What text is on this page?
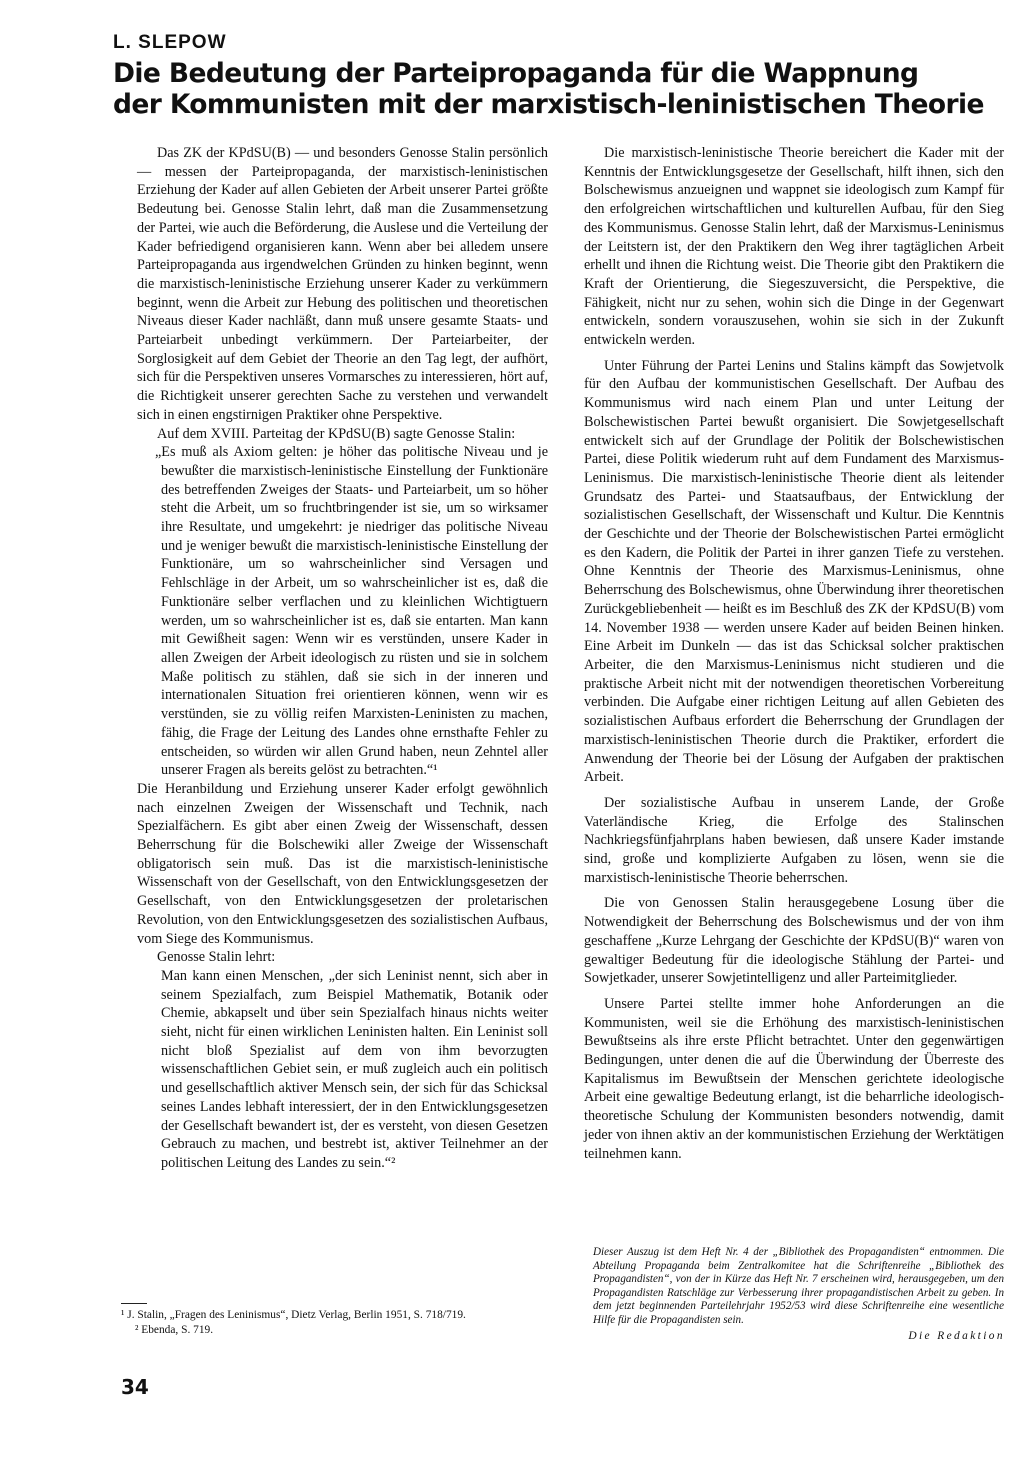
L. SLEPOW
Die Bedeutung der Parteipropaganda für die Wappnung
der Kommunisten mit der marxistisch-leninistischen Theorie

Das ZK der KPdSU(B) — und besonders Genosse Stalin persönlich — messen der Parteipropaganda, der marxistisch-leninistischen Erziehung der Kader auf allen Gebieten der Arbeit unserer Partei größte Bedeutung bei. Genosse Stalin lehrt, daß man die Zusammensetzung der Partei, wie auch die Beförderung, die Auslese und die Verteilung der Kader befriedigend organisieren kann. Wenn aber bei alledem unsere Parteipropaganda aus irgendwelchen Gründen zu hinken beginnt, wenn die marxistisch-leninistische Erziehung unserer Kader zu verkümmern beginnt, wenn die Arbeit zur Hebung des politischen und theoretischen Niveaus dieser Kader nachläßt, dann muß unsere gesamte Staats- und Parteiarbeit unbedingt verkümmern. Der Parteiarbeiter, der Sorglosigkeit auf dem Gebiet der Theorie an den Tag legt, der aufhört, sich für die Perspektiven unseres Vormarsches zu interessieren, hört auf, die Richtigkeit unserer gerechten Sache zu verstehen und verwandelt sich in einen engstirnigen Praktiker ohne Perspektive.

Auf dem XVIII. Parteitag der KPdSU(B) sagte Genosse Stalin:

„Es muß als Axiom gelten: je höher das politische Niveau und je bewußter die marxistisch-leninistische Einstellung der Funktionäre des betreffenden Zweiges der Staats- und Parteiarbeit, um so höher steht die Arbeit, um so fruchtbringender ist sie, um so wirksamer ihre Resultate, und umgekehrt: je niedriger das politische Niveau und je weniger bewußt die marxistisch-leninistische Einstellung der Funktionäre, um so wahrscheinlicher sind Versagen und Fehlschläge in der Arbeit, um so wahrscheinlicher ist es, daß die Funktionäre selber verflachen und zu kleinlichen Wichtigtuern werden, um so wahrscheinlicher ist es, daß sie entarten. Man kann mit Gewißheit sagen: Wenn wir es verstünden, unsere Kader in allen Zweigen der Arbeit ideologisch zu rüsten und sie in solchem Maße politisch zu stählen, daß sie sich in der inneren und internationalen Situation frei orientieren können, wenn wir es verstünden, sie zu völlig reifen Marxisten-Leninisten zu machen, fähig, die Frage der Leitung des Landes ohne ernsthafte Fehler zu entscheiden, so würden wir allen Grund haben, neun Zehntel aller unserer Fragen als bereits gelöst zu betrachten.“¹

Die Heranbildung und Erziehung unserer Kader erfolgt gewöhnlich nach einzelnen Zweigen der Wissenschaft und Technik, nach Spezialfächern. Es gibt aber einen Zweig der Wissenschaft, dessen Beherrschung für die Bolschewiki aller Zweige der Wissenschaft obligatorisch sein muß. Das ist die marxistisch-leninistische Wissenschaft von der Gesellschaft, von den Entwicklungsgesetzen der Gesellschaft, von den Entwicklungsgesetzen der proletarischen Revolution, von den Entwicklungsgesetzen des sozialistischen Aufbaus, vom Siege des Kommunismus.

Genosse Stalin lehrt:

Man kann einen Menschen, „der sich Leninist nennt, sich aber in seinem Spezialfach, zum Beispiel Mathematik, Botanik oder Chemie, abkapselt und über sein Spezialfach hinaus nichts weiter sieht, nicht für einen wirklichen Leninisten halten. Ein Leninist soll nicht bloß Spezialist auf dem von ihm bevorzugten wissenschaftlichen Gebiet sein, er muß zugleich auch ein politisch und gesellschaftlich aktiver Mensch sein, der sich für das Schicksal seines Landes lebhaft interessiert, der in den Entwicklungsgesetzen der Gesellschaft bewandert ist, der es versteht, von diesen Gesetzen Gebrauch zu machen, und bestrebt ist, aktiver Teilnehmer an der politischen Leitung des Landes zu sein.“²

¹ J. Stalin, „Fragen des Leninismus“, Dietz Verlag, Berlin 1951, S. 718/719.

² Ebenda, S. 719.

Die marxistisch-leninistische Theorie bereichert die Kader mit der Kenntnis der Entwicklungsgesetze der Gesellschaft, hilft ihnen, sich den Bolschewismus anzueignen und wappnet sie ideologisch zum Kampf für den erfolgreichen wirtschaftlichen und kulturellen Aufbau, für den Sieg des Kommunismus. Genosse Stalin lehrt, daß der Marxismus-Leninismus der Leitstern ist, der den Praktikern den Weg ihrer tagtäglichen Arbeit erhellt und ihnen die Richtung weist. Die Theorie gibt den Praktikern die Kraft der Orientierung, die Siegeszuversicht, die Perspektive, die Fähigkeit, nicht nur zu sehen, wohin sich die Dinge in der Gegenwart entwickeln, sondern vorauszusehen, wohin sie sich in der Zukunft entwickeln werden.

Unter Führung der Partei Lenins und Stalins kämpft das Sowjetvolk für den Aufbau der kommunistischen Gesellschaft. Der Aufbau des Kommunismus wird nach einem Plan und unter Leitung der Bolschewistischen Partei bewußt organisiert. Die Sowjetgesellschaft entwickelt sich auf der Grundlage der Politik der Bolschewistischen Partei, diese Politik wiederum ruht auf dem Fundament des Marxismus-Leninismus. Die marxistisch-leninistische Theorie dient als leitender Grundsatz des Partei- und Staatsaufbaus, der Entwicklung der sozialistischen Gesellschaft, der Wissenschaft und Kultur. Die Kenntnis der Geschichte und der Theorie der Bolschewistischen Partei ermöglicht es den Kadern, die Politik der Partei in ihrer ganzen Tiefe zu verstehen. Ohne Kenntnis der Theorie des Marxismus-Leninismus, ohne Beherrschung des Bolschewismus, ohne Überwindung ihrer theoretischen Zurückgebliebenheit — heißt es im Beschluß des ZK der KPdSU(B) vom 14. November 1938 — werden unsere Kader auf beiden Beinen hinken. Eine Arbeit im Dunkeln — das ist das Schicksal solcher praktischen Arbeiter, die den Marxismus-Leninismus nicht studieren und die praktische Arbeit nicht mit der notwendigen theoretischen Vorbereitung verbinden. Die Aufgabe einer richtigen Leitung auf allen Gebieten des sozialistischen Aufbaus erfordert die Beherrschung der Grundlagen der marxistisch-leninistischen Theorie durch die Praktiker, erfordert die Anwendung der Theorie bei der Lösung der Aufgaben der praktischen Arbeit.

Der sozialistische Aufbau in unserem Lande, der Große Vaterländische Krieg, die Erfolge des Stalinschen Nachkriegsfünfjahrplans haben bewiesen, daß unsere Kader imstande sind, große und komplizierte Aufgaben zu lösen, wenn sie die marxistisch-leninistische Theorie beherrschen.

Die von Genossen Stalin herausgegebene Losung über die Notwendigkeit der Beherrschung des Bolschewismus und der von ihm geschaffene „Kurze Lehrgang der Geschichte der KPdSU(B)“ waren von gewaltiger Bedeutung für die ideologische Stählung der Partei- und Sowjetkader, unserer Sowjetintelligenz und aller Parteimitglieder.

Unsere Partei stellte immer hohe Anforderungen an die Kommunisten, weil sie die Erhöhung des marxistisch-leninistischen Bewußtseins als ihre erste Pflicht betrachtet. Unter den gegenwärtigen Bedingungen, unter denen die auf die Überwindung der Überreste des Kapitalismus im Bewußtsein der Menschen gerichtete ideologische Arbeit eine gewaltige Bedeutung erlangt, ist die beharrliche ideologisch-theoretische Schulung der Kommunisten besonders notwendig, damit jeder von ihnen aktiv an der kommunistischen Erziehung der Werktätigen teilnehmen kann.

Dieser Auszug ist dem Heft Nr. 4 der „Bibliothek des Propagandisten“ entnommen. Die Abteilung Propaganda beim Zentralkomitee hat die Schriftenreihe „Bibliothek des Propagandisten“, von der in Kürze das Heft Nr. 7 erscheinen wird, herausgegeben, um den Propagandisten Ratschläge zur Verbesserung ihrer propagandistischen Arbeit zu geben. In dem jetzt beginnenden Parteilehrjahr 1952/53 wird diese Schriftenreihe eine wesentliche Hilfe für die Propagandisten sein.
Die Redaktion
34
